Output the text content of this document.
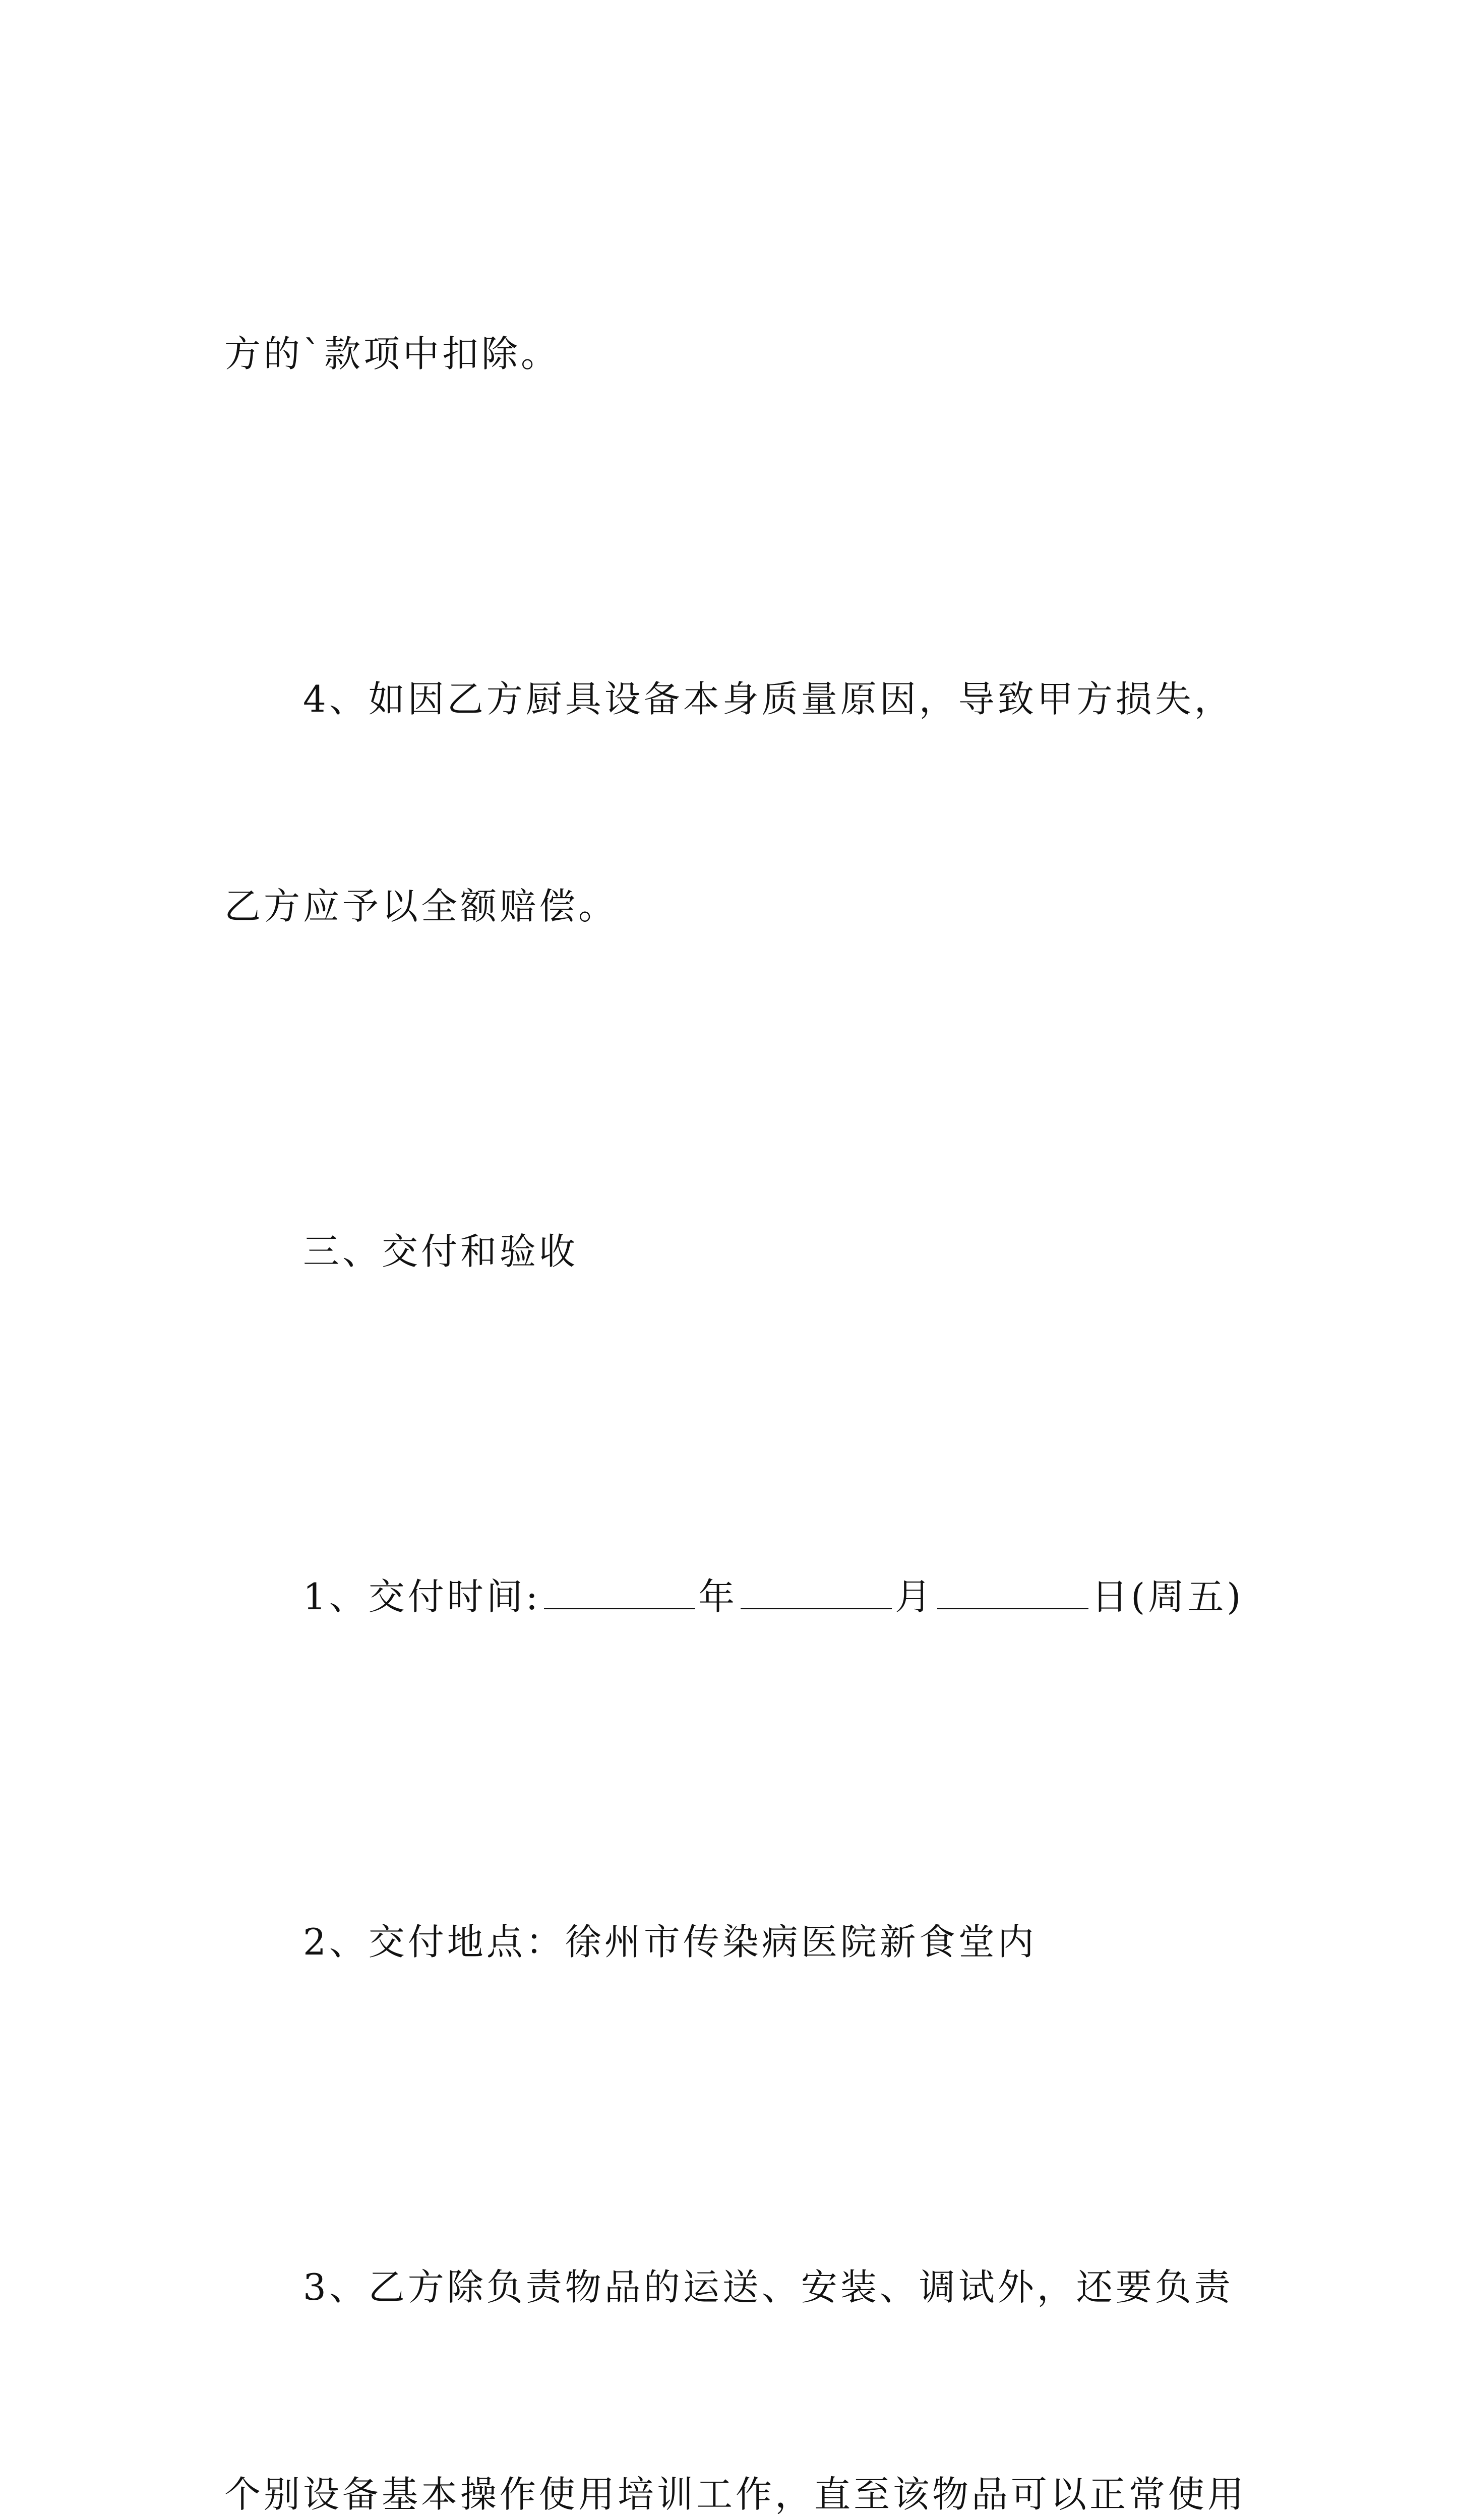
方的`款项中扣除。

4、如因乙方厨具设备本身质量原因，导致甲方损失，

乙方应予以全额赔偿。

三、交付和验收

1、交付时间:	年	月	日(周五)

2、交付地点：徐州市传染病医院新食堂内

3、乙方除负责物品的运送、安装、调试外，还要负责

个别设备基本操作使用培训工作，直至该物品可以正常使用
